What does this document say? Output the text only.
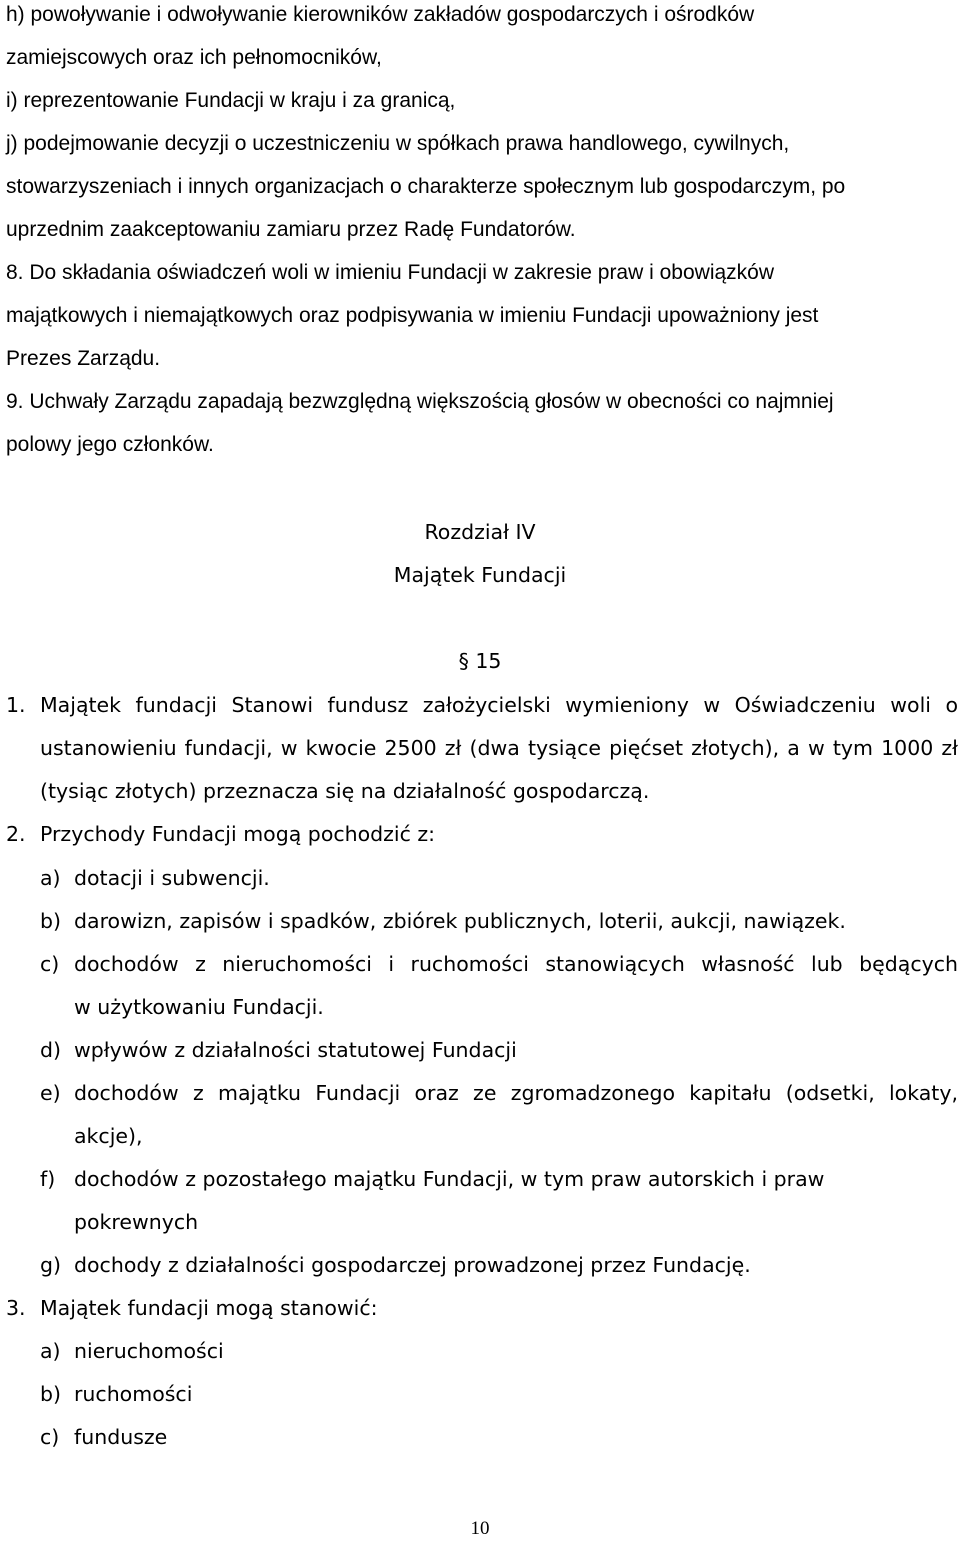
h) powoływanie i odwoływanie kierowników zakładów gospodarczych i ośrodków
zamiejscowych oraz ich pełnomocników,
i) reprezentowanie Fundacji w kraju i za granicą,
j) podejmowanie decyzji o uczestniczeniu w spółkach prawa handlowego, cywilnych,
stowarzyszeniach i innych organizacjach o charakterze społecznym lub gospodarczym, po
uprzednim zaakceptowaniu zamiaru przez Radę Fundatorów.
8. Do składania oświadczeń woli w imieniu Fundacji w zakresie praw i obowiązków
majątkowych i niemajątkowych oraz podpisywania w imieniu Fundacji upoważniony jest
Prezes Zarządu.
9. Uchwały Zarządu zapadają bezwzględną większością głosów w obecności co najmniej
polowy jego członków.
Rozdział IV
Majątek Fundacji
§ 15
1. Majątek fundacji Stanowi fundusz założycielski wymieniony w Oświadczeniu woli o
ustanowieniu fundacji, w kwocie 2500 zł (dwa tysiące pięćset złotych), a w tym 1000 zł
(tysiąc złotych) przeznacza się na działalność gospodarczą.
2. Przychody Fundacji mogą pochodzić z:
a) dotacji i subwencji.
b) darowizn, zapisów i spadków, zbiórek publicznych, loterii, aukcji, nawiązek.
c) dochodów z nieruchomości i ruchomości stanowiących własność lub będących
w użytkowaniu Fundacji.
d) wpływów z działalności statutowej Fundacji
e) dochodów z majątku Fundacji oraz ze zgromadzonego kapitału (odsetki, lokaty,
akcje),
f) dochodów z pozostałego majątku Fundacji, w tym praw autorskich i praw
pokrewnych
g) dochody z działalności gospodarczej prowadzonej przez Fundację.
3. Majątek fundacji mogą stanowić:
a) nieruchomości
b) ruchomości
c) fundusze
10
